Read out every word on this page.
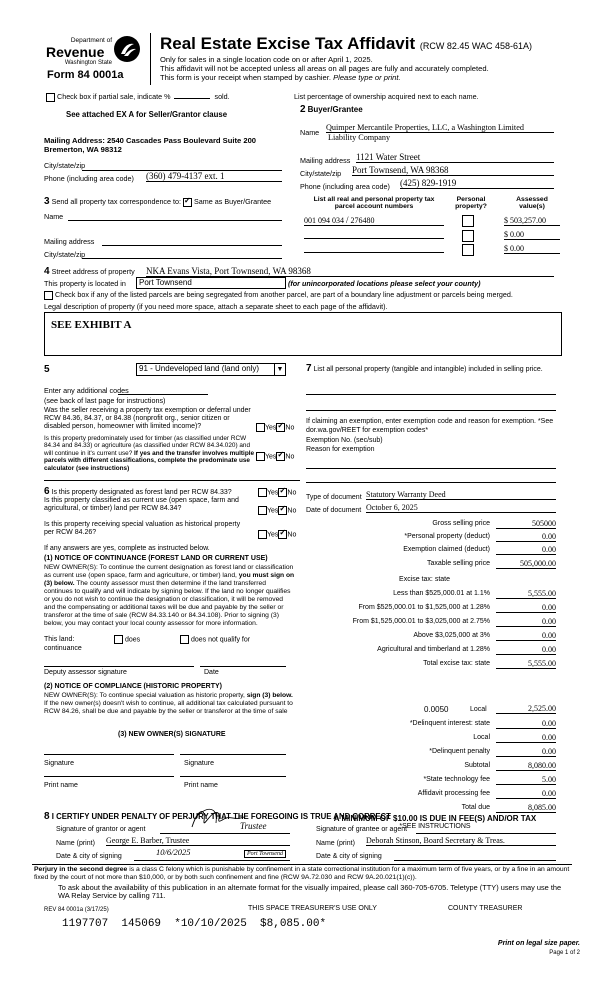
Department of
Revenue
Washington State
Form 84 0001a
Real Estate Excise Tax Affidavit (RCW 82.45 WAC 458-61A)
Only for sales in a single location code on or after April 1, 2025.
This affidavit will not be accepted unless all areas on all pages are fully and accurately completed.
This form is your receipt when stamped by cashier. Please type or print.
Check box if partial sale, indicate %	sold.	List percentage of ownership acquired next to each name.
See attached EX A for Seller/Grantor clause
Mailing Address: 2540 Cascades Pass Boulevard Suite 200
Bremerton, WA 98312
City/state/zip
Phone (including area code) (360) 479-4137 ext. 1
2 Buyer/Grantee
Name
Quimper Mercantile Properties, LLC, a Washington Limited
Liability Company
Mailing address 1121 Water Street
City/state/zip Port Townsend, WA 98368
Phone (including area code) (425) 829-1919
3 Send all property tax correspondence to: ✓ Same as Buyer/Grantee
Name
Mailing address
City/state/zip
List all real and personal property tax parcel account numbers
Personal property?
Assessed value(s)
001 094 034 / 276480	$ 503,257.00
$ 0.00
$ 0.00
4 Street address of property NKA Evans Vista, Port Townsend, WA 98368
This property is located in	Port Townsend	(for unincorporated locations please select your county)
Check box if any of the listed parcels are being segregated from another parcel, are part of a boundary line adjustment or parcels being merged.
Legal description of property (if you need more space, attach a separate sheet to each page of the affidavit).
SEE EXHIBIT A
5	91 - Undeveloped land (land only)	▼
Enter any additional codes
(see back of last page for instructions)
Was the seller receiving a property tax exemption or deferral under RCW 84.36, 84.37, or 84.38 (nonprofit org., senior citizen or disabled person, homeowner with limited income)?	Yes ✓ No
Is this property predominately used for timber (as classified under RCW 84.34 and 84.33) or agriculture (as classified under RCW 84.34.020) and will continue in it's current use? If yes and the transfer involves multiple parcels with different classifications, complete the predominate use calculator (see instructions)
Yes ✓ No
6 Is this property designated as forest land per RCW 84.33?	Yes ✓ No
Is this property classified as current use (open space, farm and agricultural, or timber) land per RCW 84.34?	Yes ✓ No
Is this property receiving special valuation as historical property per RCW 84.26?	Yes ✓ No
If any answers are yes, complete as instructed below.
(1) NOTICE OF CONTINUANCE (FOREST LAND OR CURRENT USE)
NEW OWNER(S): To continue the current designation as forest land or classification as current use (open space, farm and agriculture, or timber) land, you must sign on (3) below. The county assessor must then determine if the land transferred continues to qualify and will indicate by signing below. If the land no longer qualifies or you do not wish to continue the designation or classification, it will be removed and the compensating or additional taxes will be due and payable by the seller or transferor at the time of sale (RCW 84.33.140 or 84.34.108). Prior to signing (3) below, you may contact your local county assessor for more information.
This land:
continuance
does	does not qualify for
Deputy assessor signature	Date
(2) NOTICE OF COMPLIANCE (HISTORIC PROPERTY)
NEW OWNER(S): To continue special valuation as historic property, sign (3) below. If the new owner(s) doesn't wish to continue, all additional tax calculated pursuant to RCW 84.26, shall be due and payable by the seller or transferor at the time of sale
(3) NEW OWNER(S) SIGNATURE
Signature	Signature
Print name	Print name
7 List all personal property (tangible and intangible) included in selling price.
If claiming an exemption, enter exemption code and reason for exemption. *See dor.wa.gov/REET for exemption codes*
Exemption No. (sec/sub)
Reason for exemption
Type of document Statutory Warranty Deed
Date of document October 6, 2025
Gross selling price	505000
*Personal property (deduct)	0.00
Exemption claimed (deduct)	0.00
Taxable selling price	505,000.00
Excise tax: state
Less than $525,000.01 at 1.1%	5,555.00
From $525,000.01 to $1,525,000 at 1.28%	0.00
From $1,525,000.01 to $3,025,000 at 2.75%	0.00
Above $3,025,000 at 3%	0.00
Agricultural and timberland at 1.28%	0.00
Total excise tax: state	5,555.00
*Delinquent interest: state	0.00
Local	0.00
*Delinquent penalty	0.00
Subtotal	8,080.00
*State technology fee	5.00
Affidavit processing fee	0.00
Total due	8,085.00
0.0050	Local	2,525.00
A MINIMUM OF $10.00 IS DUE IN FEE(S) AND/OR TAX
*SEE INSTRUCTIONS
8 I CERTIFY UNDER PENALTY OF PERJURY THAT THE FOREGOING IS TRUE AND CORRECT
Signature of grantor or agent	Trustee
Name (print) George E. Barber, Trustee
Date & city of signing	10/6/2025	Port Townsend
Signature of grantee or agent
Name (print) Deborah Stinson, Board Secretary & Treas.
Date & city of signing
Perjury in the second degree is a class C felony which is punishable by confinement in a state correctional institution for a maximum term of five years, or by a fine in an amount fixed by the court of not more than $10,000, or by both such confinement and fine (RCW 9A.72.030 and RCW 9A.20.021(1)(c)).
To ask about the availability of this publication in an alternate format for the visually impaired, please call 360-705-6705. Teletype (TTY) users may use the WA Relay Service by calling 711.
REV 84 0001a (3/17/25)	THIS SPACE TREASURER'S USE ONLY	COUNTY TREASURER
1197707  145069  *10/10/2025  $8,085.00*
Print on legal size paper.
Page 1 of 2
